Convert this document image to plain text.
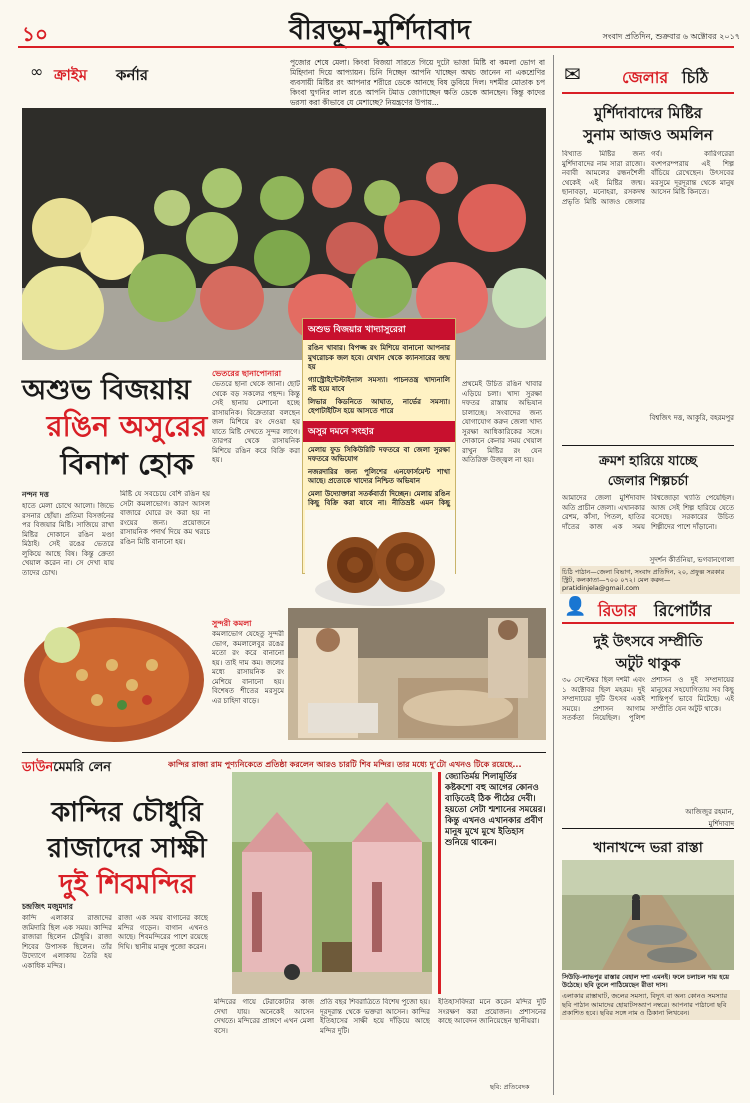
১০	বীরভূম-মুর্শিদাবাদ	সংবাদ প্রতিদিন, শুক্রবার ৬ অক্টোবর ২০১৭
∞ ক্রাইম কর্নার
পুজোর শেষে মেলা। কিংবা বিজয়া সারতে গিয়ে দুটো ভাজা মিষ্টি বা কমলা ভোগ বা মিহিদানা দিয়ে আপ্যায়ন। চিনি দিচ্ছেন আপনি খাচ্ছেন অথচ জানেন না একশ্রেণির ব্যবসায়ী মিষ্টির রং আপনার শরীরে ডেকে আনছে বিষ ডুবিয়ে দিল। দশমীর মোতাক চপ কিংবা ঘুগনির লাল রঙে আপনি টমাড জোগাচ্ছেন ক্ষতি ডেকে আনছেন। কিন্তু কাদের ভরসা করা কীভাবে যে মেশাচ্ছে? নিয়ন্ত্রণের উপায়...
অশুভ বিজয়ায়
রঙিন অসুরের
বিনাশ হোক
নন্দন দত্ত
হাতে মেলা চোখে আলো। জিভে রসনার ছোঁয়া। প্রতিমা বিসর্জনের পর বিজয়ার মিষ্টি। সাজিয়ে রাখা মিষ্টির দোকানে রঙিন মণ্ডা মিঠাই। সেই রঙের ভেতরে লুকিয়ে আছে বিষ। কিন্তু ক্রেতা খেয়াল করেন না। সে দেখা যায় তাদের চোখ।
মিষ্টি যে সবচেয়ে বেশি রঙিন হয় সেটা কমলাভোগ। কারণ আসল বাজারে ঘোরে রং করা হয় না রংয়ের জন্য। প্রয়োজনে রাসায়নিক পদার্থ দিয়ে কম খরচে রঙিন মিষ্টি বানানো হয়।
ভেতরের ছানাপোনারা
ভেতরে ছানা থেকে জানা। ছোট থেকে বড় সকলের পছন্দ। কিন্তু সেই ছানায় মেশানো হচ্ছে রাসায়নিক। বিক্রেতারা বলছেন জল মিশিয়ে রং দেওয়া হয় যাতে মিষ্টি দেখতে সুন্দর লাগে। তারপর থেকে রাসায়নিক মিশিয়ে রঙিন করে বিক্রি করা হয়।
প্রথমেই উচিত রঙিন খাবার এড়িয়ে চলা। খাদ্য সুরক্ষা দফতর রাস্তায় অভিযান চালাচ্ছে। সংবাদের জন্য যোগাযোগ করুন জেলা খাদ্য সুরক্ষা আধিকারিকের সঙ্গে। দোকানে কেনার সময় খেয়াল রাখুন মিষ্টির রং যেন অতিরিক্ত উজ্জ্বল না হয়।
অশুভ বিজয়ার খাদ্যাসুরেরা
রঙিন খাবার। বিপজ্জ রং মিশিয়ে বানানো আপনার মুখরোচক জল হবে। যেখান থেকে ক্যানসারের জন্ম হয়
গ্যাস্ট্রোইন্টেস্টাইনাল সমস্যা। পাচনতন্ত্র খাদ্যনালি নষ্ট হয়ে যাবে
লিভার কিডনিতে আঘাত, নার্ভের সমস্যা। হেপাটাইটিস হয়ে আসতে পারে
অসুর দমনে সংহার
মেলায় ফুড সিকিউরিটি দফতরে বা জেলা সুরক্ষা দফতরে অভিযোগ
নজরদারির জন্য পুলিশের এনফোর্সমেন্ট শাখা আছে। প্রত্যেকে খাদ্যের নিশ্চিত অভিযান
মেলা উদ্যোক্তারা সতর্কবার্তা দিচ্ছেন। মেলায় রঙিন কিছু বিক্রি করা যাবে না। নীতিভ্রষ্ট এমন কিছু
সুন্দরী কমলা
কমলাভোগ যেহেতু সুন্দরী ভোগ, কমলালেবুর রঙের মতো রং করে বানানো হয়। তাই দাম কম। জলের মধ্যে রাসায়নিক রং মেশিয়ে বানানো হয়। বিশেষত শীতের মরসুমে এর চাহিদা বাড়ে।
✉	জেলার চিঠি
মুর্শিদাবাদের মিষ্টির
সুনাম আজও অমলিন
বিখ্যাত মিষ্টির জন্য মুর্শিদাবাদের নাম সারা রাজ্যে। নবাবী আমলের রন্ধনশৈলী থেকেই এই মিষ্টির জন্ম। ছানাবড়া, মনোহরা, রসকদম্ব প্রভৃতি মিষ্টি আজও জেলার গর্ব। কারিগরেরা বংশপরম্পরায় এই শিল্প বাঁচিয়ে রেখেছেন। উৎসবের মরসুমে দূরদূরান্ত থেকে মানুষ আসেন মিষ্টি কিনতে।
বিশ্বজিৎ দত্ত, আকুরি, বহরমপুর
ক্রমশ হারিয়ে যাচ্ছে
জেলার শিল্পচর্চা
আমাদের জেলা মুর্শিদাবাদ অতি প্রাচীন জেলা। এখানকার রেশম, কাঁসা, পিতল, হাতির দাঁতের কাজ এক সময় বিশ্বজোড়া খ্যাতি পেয়েছিল। আজ সেই শিল্প হারিয়ে যেতে বসেছে। সরকারের উচিত শিল্পীদের পাশে দাঁড়ানো।
সুদর্শন কীর্তনিয়া, ভগবানগোলা
চিঠি পাঠান—জেলা বিভাগ, সংবাদ প্রতিদিন, ২০, প্রফুল্ল সরকার স্ট্রিট, কলকাতা—৭০০ ০৭২। মেল করুন—pratidinjela@gmail.com
👤 রিডার রিপোর্টার
দুই উৎসবে সম্প্রীতি
অটুট থাকুক
৩০ সেপ্টেম্বর ছিল দশমী এবং ১ অক্টোবর ছিল মহরম। দুই সম্প্রদায়ের দুটি উৎসব একই সময়ে। প্রশাসন আগাম সতর্কতা নিয়েছিল। পুলিশ প্রশাসন ও দুই সম্প্রদায়ের মানুষের সহযোগিতায় সব কিছু শান্তিপূর্ণ ভাবে মিটেছে। এই সম্প্রীতি যেন অটুট থাকে।
আজিজুর রহমান, মুর্শিদাবাদ
খানাখন্দে ভরা রাস্তা
সিউড়ি-লাভপুর রাস্তার বেহাল দশা এমনই। ফলে চলাচল দায় হয়ে উঠেছে। ছবি তুলে পাঠিয়েছেন রীতা দাস।
এলাকার রাস্তাঘাট, জলের সমস্যা, বিদ্যুৎ বা অন্য কোনও সমস্যার ছবি পাঠান আমাদের হোয়াটসঅ্যাপ নম্বরে। আপনার পাঠানো ছবি প্রকাশিত হবে। ছবির সঙ্গে নাম ও ঠিকানা লিখবেন।
ডাউনমেমরি লেন	কান্দির রাজা রাম পুণ্যনিকেতে প্রতিষ্ঠা করলেন আরও চারটি শিব মন্দির। তার মধ্যে দু'টো এখনও টিকে রয়েছে...
কান্দির চৌধুরি
রাজাদের সাক্ষী
দুই শিবমন্দির
জ্যোতির্ময় শিলামূর্তির কষ্টকশো বহু আগের কোনও বাড়িতেই ঠিক পীঠের দেবী। হয়তো সেটা শ্মশানের সময়ের। কিন্তু এখনও এখানকার প্রবীণ মানুষ মুখে মুখে ইতিহাস শুনিয়ে থাকেন।
চন্দ্রজিৎ মজুমদার
কান্দি এলাকার রাজাদের জমিদারি ছিল এক সময়। কান্দির রাজারা ছিলেন চৌধুরি। রাজা শিবের উপাসক ছিলেন। তাঁর উদ্যোগে এলাকায় তৈরি হয় একাধিক মন্দির।
রাজা এক সময় বাগানের কাছে মন্দির গড়েন। বাগান এখনও আছে। শিবমন্দিরের পাশে রয়েছে দিঘি। স্থানীয় মানুষ পুজো করেন।
মন্দিরের গায়ে টেরাকোটার কাজ দেখা যায়। অনেকেই আসেন দেখতে। মন্দিরের প্রাঙ্গণে এখন মেলা বসে।
প্রতি বছর শিবরাত্রিতে বিশেষ পুজো হয়। দূরদূরান্ত থেকে ভক্তরা আসেন। কান্দির ইতিহাসের সাক্ষী হয়ে দাঁড়িয়ে আছে মন্দির দুটি।
ইতিহাসবিদরা মনে করেন মন্দির দুটি সংরক্ষণ করা প্রয়োজন। প্রশাসনের কাছে আবেদন জানিয়েছেন স্থানীয়রা।
ছবি: প্রতিবেদক
